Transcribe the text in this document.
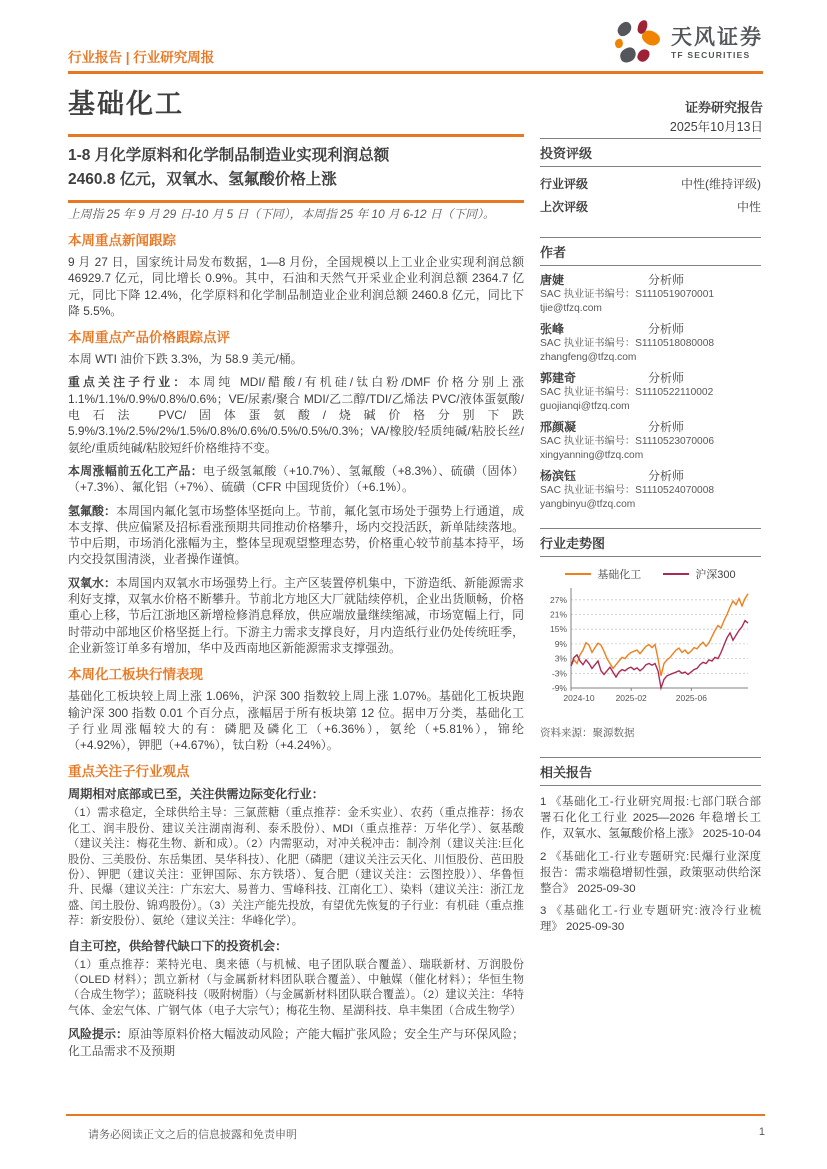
行业报告 | 行业研究周报
天风证券
TF SECURITIES
基础化工	证券研究报告
2025年10月13日
1-8 月化学原料和化学制品制造业实现利润总额
2460.8 亿元，双氧水、氢氟酸价格上涨
上周指 25 年 9 月 29 日-10 月 5 日（下同），本周指 25 年 10 月 6-12 日（下同）。
本周重点新闻跟踪
9 月 27 日，国家统计局发布数据，1—8 月份，全国规模以上工业企业实现利润总额 46929.7 亿元，同比增长 0.9%。其中，石油和天然气开采业企业利润总额 2364.7 亿元，同比下降 12.4%，化学原料和化学制品制造业企业利润总额 2460.8 亿元，同比下降 5.5%。
本周重点产品价格跟踪点评
本周 WTI 油价下跌 3.3%，为 58.9 美元/桶。
重点关注子行业：本周纯 MDI/醋酸/有机硅/钛白粉/DMF 价格分别上涨 1.1%/1.1%/0.9%/0.8%/0.6%；VE/尿素/聚合 MDI/乙二醇/TDI/乙烯法 PVC/液体蛋氨酸/电石法 PVC/固体蛋氨酸/烧碱价格分别下跌 5.9%/3.1%/2.5%/2%/1.5%/0.8%/0.6%/0.5%/0.5%/0.3%；VA/橡胶/轻质纯碱/粘胶长丝/氨纶/重质纯碱/粘胶短纤价格维持不变。
本周涨幅前五化工产品：电子级氢氟酸（+10.7%）、氢氟酸（+8.3%）、硫磺（固体）（+7.3%）、氟化铝（+7%）、硫磺（CFR 中国现货价）（+6.1%）。
氢氟酸：本周国内氟化氢市场整体坚挺向上。节前，氟化氢市场处于强势上行通道，成本支撑、供应偏紧及招标看涨预期共同推动价格攀升，场内交投活跃，新单陆续落地。节中后期，市场消化涨幅为主，整体呈现观望整理态势，价格重心较节前基本持平，场内交投氛围清淡，业者操作谨慎。
双氧水：本周国内双氧水市场强势上行。主产区装置停机集中，下游造纸、新能源需求利好支撑，双氧水价格不断攀升。节前北方地区大厂就陆续停机，企业出货顺畅，价格重心上移，节后江浙地区新增检修消息释放，供应端放量继续缩减，市场宽幅上行，同时带动中部地区价格坚挺上行。下游主力需求支撑良好，月内造纸行业仍处传统旺季，企业新签订单多有增加，华中及西南地区新能源需求支撑强劲。
本周化工板块行情表现
基础化工板块较上周上涨 1.06%，沪深 300 指数较上周上涨 1.07%。基础化工板块跑输沪深 300 指数 0.01 个百分点，涨幅居于所有板块第 12 位。据申万分类，基础化工子行业周涨幅较大的有：磷肥及磷化工（+6.36%），氨纶（+5.81%），锦纶（+4.92%），钾肥（+4.67%），钛白粉（+4.24%）。
重点关注子行业观点
周期相对底部或已至，关注供需边际变化行业：
（1）需求稳定，全球供给主导：三氯蔗糖（重点推荐：金禾实业）、农药（重点推荐：扬农化工、润丰股份、建议关注湖南海利、泰禾股份）、MDI（重点推荐：万华化学）、氨基酸（建议关注：梅花生物、新和成）。（2）内需驱动，对冲关税冲击：制冷剂（建议关注:巨化股份、三美股份、东岳集团、昊华科技）、化肥（磷肥（建议关注云天化、川恒股份、芭田股份）、钾肥（建议关注：亚钾国际、东方铁塔）、复合肥（建议关注：云图控股））、华鲁恒升、民爆（建议关注：广东宏大、易普力、雪峰科技、江南化工）、染料（建议关注：浙江龙盛、闰土股份、锦鸡股份）。（3）关注产能先投放，有望优先恢复的子行业：有机硅（重点推荐：新安股份）、氨纶（建议关注：华峰化学）。
自主可控，供给替代缺口下的投资机会：
（1）重点推荐：莱特光电、奥来德（与机械、电子团队联合覆盖）、瑞联新材、万润股份（OLED 材料）；凯立新材（与金属新材料团队联合覆盖）、中触媒（催化材料）；华恒生物（合成生物学）；蓝晓科技（吸附树脂）（与金属新材料团队联合覆盖）。（2）建议关注：华特气体、金宏气体、广钢气体（电子大宗气）；梅花生物、星湖科技、阜丰集团（合成生物学）
风险提示：原油等原料价格大幅波动风险；产能大幅扩张风险；安全生产与环保风险；化工品需求不及预期
投资评级
行业评级	中性(维持评级)
上次评级	中性
作者
唐婕	分析师
SAC 执业证书编号：S1110519070001
tjie@tfzq.com
张峰	分析师
SAC 执业证书编号：S1110518080008
zhangfeng@tfzq.com
郭建奇	分析师
SAC 执业证书编号：S1110522110002
guojianqi@tfzq.com
邢颜凝	分析师
SAC 执业证书编号：S1110523070006
xingyanning@tfzq.com
杨滨钰	分析师
SAC 执业证书编号：S1110524070008
yangbinyu@tfzq.com
行业走势图
基础化工	沪深300
27%
21%
15%
9%
3%
-3%
-9%
2024-10 2025-02	2025-06
资料来源：聚源数据
相关报告
1 《基础化工-行业研究周报:七部门联合部署石化化工行业 2025—2026 年稳增长工作，双氧水、氢氟酸价格上涨》 2025-10-04
2 《基础化工-行业专题研究:民爆行业深度报告：需求端稳增韧性强，政策驱动供给深整合》 2025-09-30
3 《基础化工-行业专题研究:液冷行业梳理》 2025-09-30
请务必阅读正文之后的信息披露和免责申明	1
